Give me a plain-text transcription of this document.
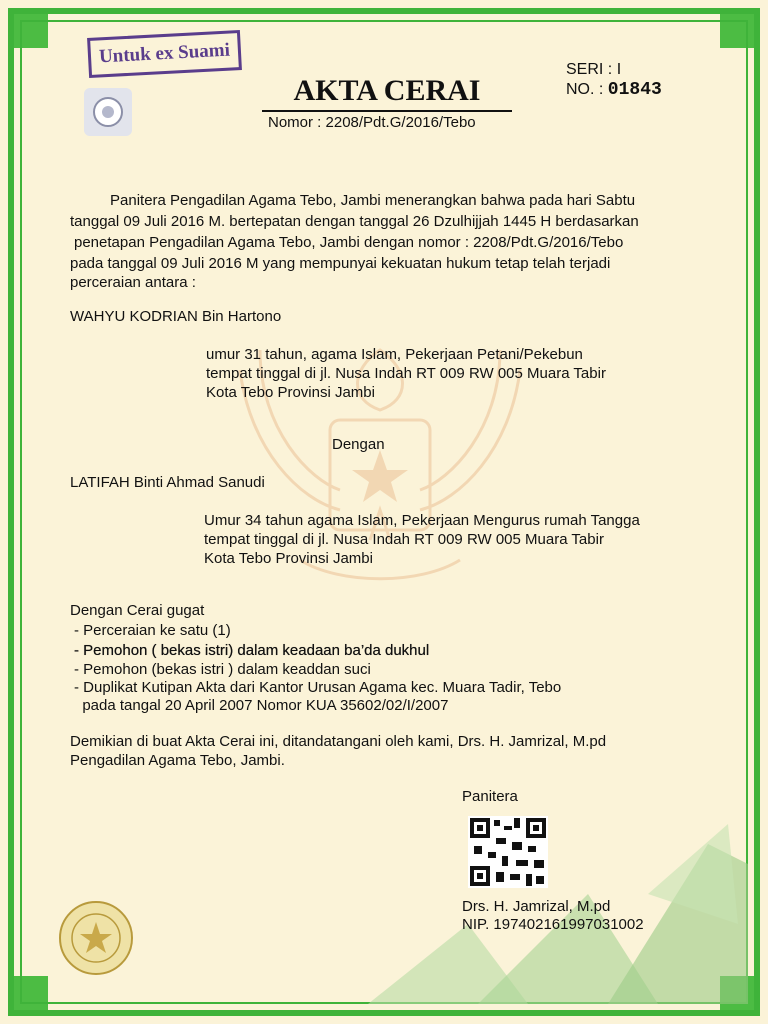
Untuk ex Suami
AKTA CERAI
Nomor : 2208/Pdt.G/2016/Tebo
SERI : I
NO. : 01843
Panitera Pengadilan Agama Tebo, Jambi menerangkan bahwa pada hari Sabtu
tanggal 09 Juli 2016 M. bertepatan dengan tanggal 26 Dzulhijjah 1445 H berdasarkan
penetapan Pengadilan Agama Tebo, Jambi dengan nomor : 2208/Pdt.G/2016/Tebo
pada tanggal 09 Juli 2016 M yang mempunyai kekuatan hukum tetap telah terjadi
perceraian antara :
WAHYU KODRIAN Bin Hartono
umur 31 tahun, agama Islam, Pekerjaan Petani/Pekebun
tempat tinggal di jl. Nusa Indah RT 009 RW 005 Muara Tabir
Kota Tebo Provinsi Jambi
Dengan
LATIFAH Binti Ahmad Sanudi
Umur 34 tahun agama Islam, Pekerjaan Mengurus rumah Tangga
tempat tinggal di jl. Nusa Indah RT 009 RW 005 Muara Tabir
Kota Tebo Provinsi Jambi
Dengan Cerai gugat
- Perceraian ke satu (1)
- Pemohon ( bekas istri) dalam keadaan ba’da dukhul
- Pemohon (bekas istri ) dalam keaddan suci
- Duplikat Kutipan Akta dari Kantor Urusan Agama kec. Muara Tadir, Tebo
pada tangal 20 April 2007 Nomor KUA 35602/02/I/2007
Demikian di buat Akta Cerai ini, ditandatangani oleh kami, Drs. H. Jamrizal, M.pd
Pengadilan Agama Tebo, Jambi.
Panitera
Drs. H. Jamrizal, M.pd
NIP. 197402161997031002
